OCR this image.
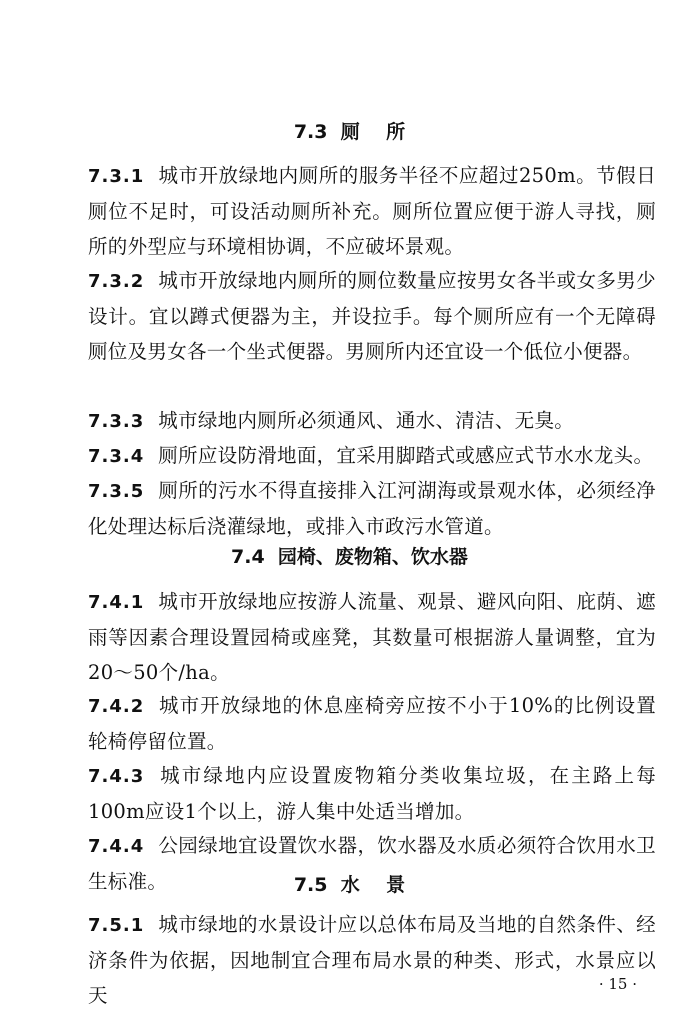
7.3  厕    所
7.3.1 城市开放绿地内厕所的服务半径不应超过250m。节假日厕位不足时，可设活动厕所补充。厕所位置应便于游人寻找，厕所的外型应与环境相协调，不应破坏景观。
7.3.2 城市开放绿地内厕所的厕位数量应按男女各半或女多男少设计。宜以蹲式便器为主，并设拉手。每个厕所应有一个无障碍厕位及男女各一个坐式便器。男厕所内还宜设一个低位小便器。
7.3.3 城市绿地内厕所必须通风、通水、清洁、无臭。
7.3.4 厕所应设防滑地面，宜采用脚踏式或感应式节水水龙头。
7.3.5 厕所的污水不得直接排入江河湖海或景观水体，必须经净化处理达标后浇灌绿地，或排入市政污水管道。
7.4  园椅、废物箱、饮水器
7.4.1 城市开放绿地应按游人流量、观景、避风向阳、庇荫、遮雨等因素合理设置园椅或座凳，其数量可根据游人量调整，宜为20～50个/ha。
7.4.2 城市开放绿地的休息座椅旁应按不小于10%的比例设置轮椅停留位置。
7.4.3 城市绿地内应设置废物箱分类收集垃圾，在主路上每100m应设1个以上，游人集中处适当增加。
7.4.4 公园绿地宜设置饮水器，饮水器及水质必须符合饮用水卫生标准。	7.5  水    景
7.5.1 城市绿地的水景设计应以总体布局及当地的自然条件、经济条件为依据，因地制宜合理布局水景的种类、形式，水景应以天	· 15 ·
